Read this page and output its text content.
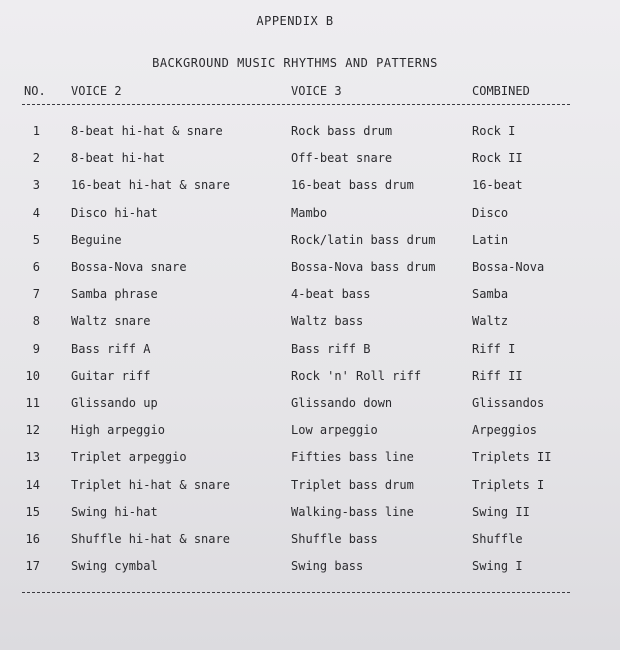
APPENDIX B
BACKGROUND MUSIC RHYTHMS AND PATTERNS
NO. VOICE 2	VOICE 3	COMBINED
1	8-beat hi-hat & snare	Rock bass drum	Rock I
2	8-beat hi-hat	Off-beat snare	Rock II
3	16-beat hi-hat & snare	16-beat bass drum	16-beat
4	Disco hi-hat	Mambo	Disco
5	Beguine	Rock/latin bass drum	Latin
6	Bossa-Nova snare	Bossa-Nova bass drum	Bossa-Nova
7	Samba phrase	4-beat bass	Samba
8	Waltz snare	Waltz bass	Waltz
9	Bass riff A	Bass riff B	Riff I
10	Guitar riff	Rock 'n' Roll riff	Riff II
11	Glissando up	Glissando down	Glissandos
12	High arpeggio	Low arpeggio	Arpeggios
13	Triplet arpeggio	Fifties bass line	Triplets II
14	Triplet hi-hat & snare	Triplet bass drum	Triplets I
15	Swing hi-hat	Walking-bass line	Swing II
16	Shuffle hi-hat & snare	Shuffle bass	Shuffle
17	Swing cymbal	Swing bass	Swing I
